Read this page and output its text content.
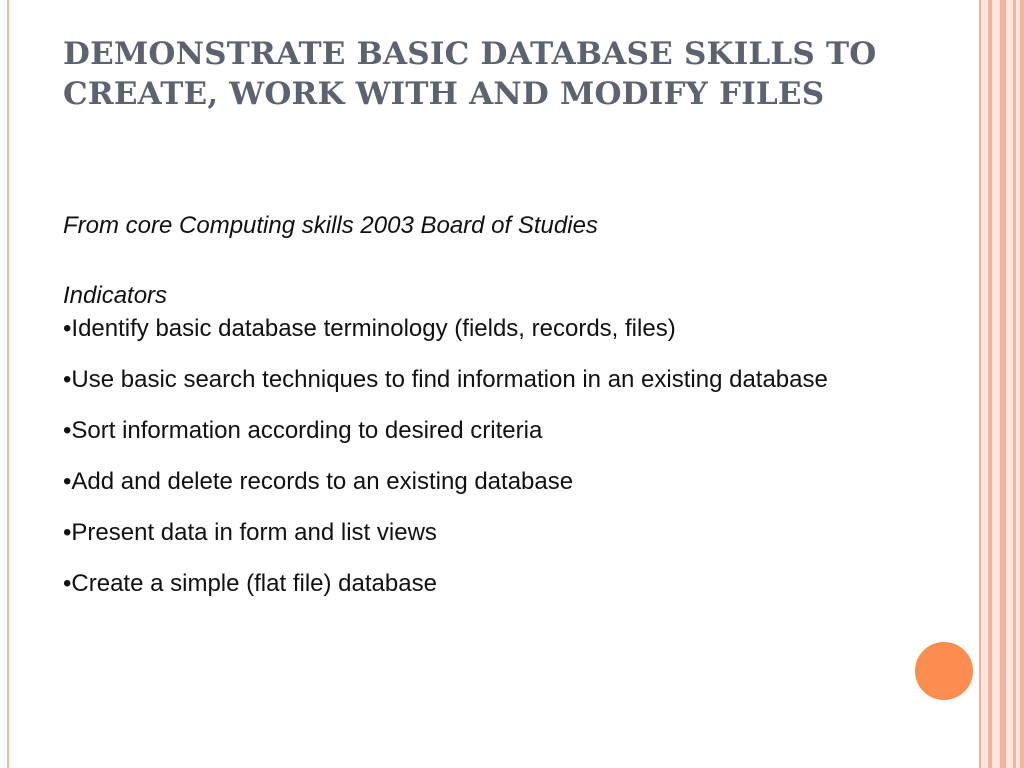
DEMONSTRATE BASIC DATABASE SKILLS TO CREATE, WORK WITH AND MODIFY FILES

From core Computing skills 2003 Board of Studies

Indicators

•Identify basic database terminology (fields, records, files)
•Use basic search techniques to find information in an existing database
•Sort information according to desired criteria
•Add and delete records to an existing database
•Present data in form and list views
•Create a simple (flat file) database
